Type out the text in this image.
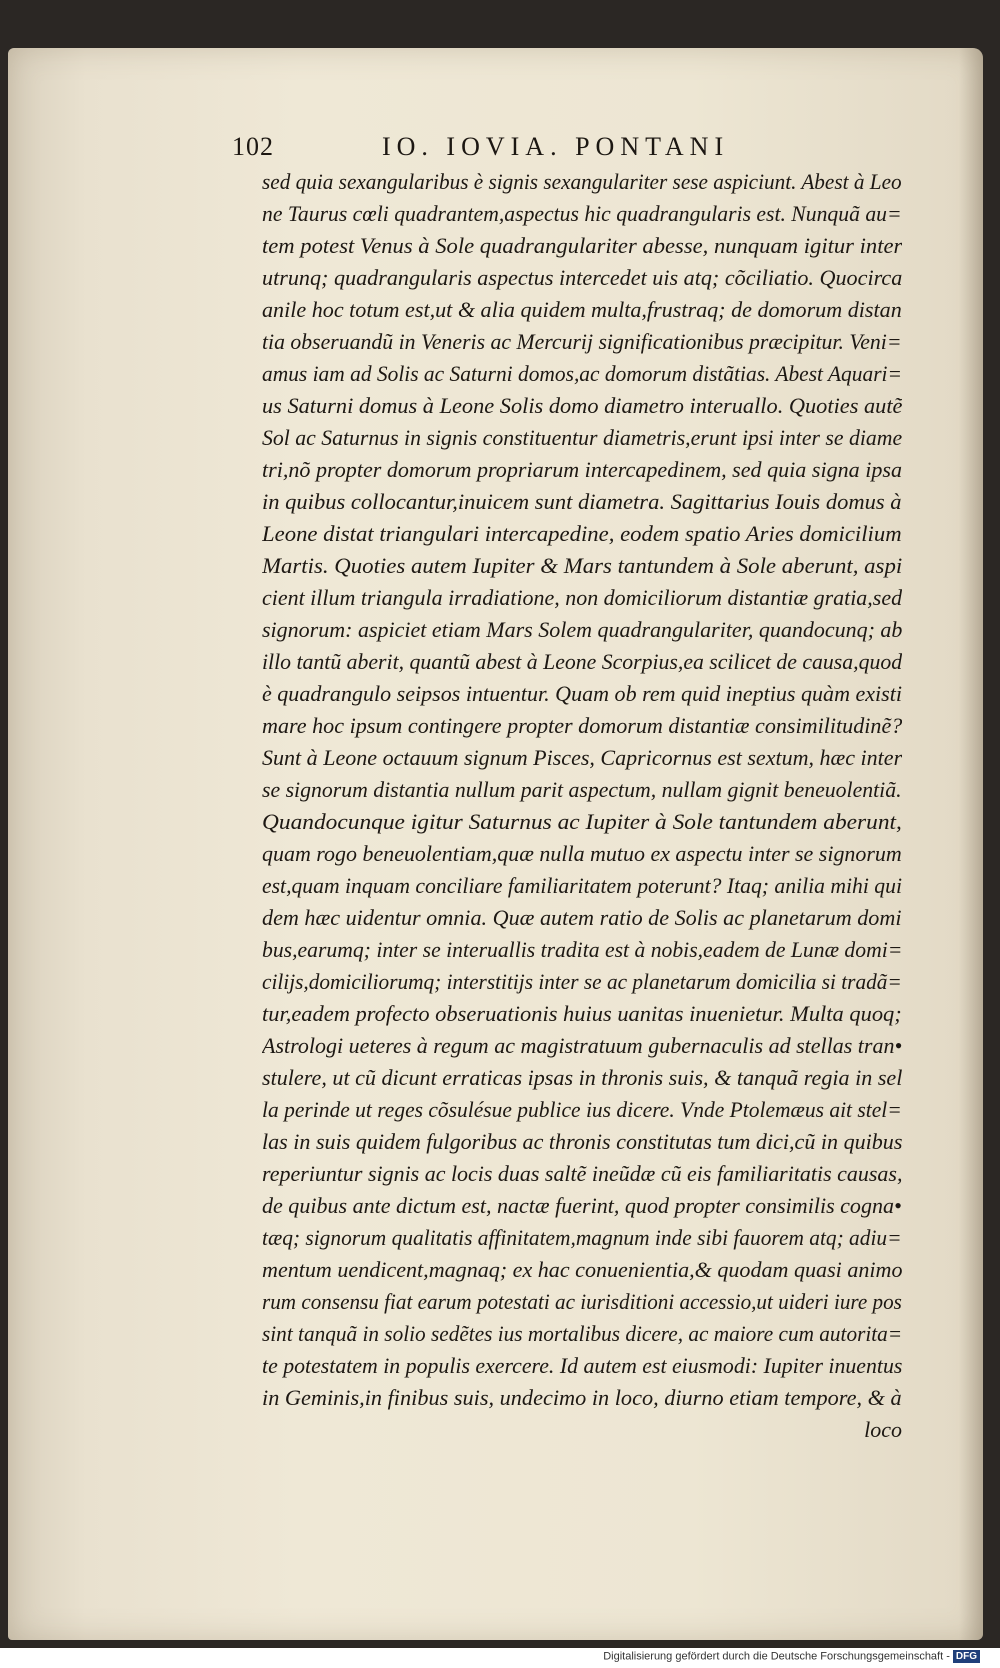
102	IO. IOVIA. PONTANI
sed quia sexangularibus è signis sexangulariter sese aspiciunt. Abest à Leo
ne Taurus cœli quadrantem,aspectus hic quadrangularis est. Nunquã au=
tem potest Venus à Sole quadrangulariter abesse, nunquam igitur inter
utrunq; quadrangularis aspectus intercedet uis atq; cõciliatio. Quocirca
anile hoc totum est,ut & alia quidem multa,frustraq; de domorum distan
tia obseruandũ in Veneris ac Mercurij significationibus præcipitur. Veni=
amus iam ad Solis ac Saturni domos,ac domorum distãtias. Abest Aquari=
us Saturni domus à Leone Solis domo diametro interuallo. Quoties autẽ
Sol ac Saturnus in signis constituentur diametris,erunt ipsi inter se diame
tri,nõ propter domorum propriarum intercapedinem, sed quia signa ipsa
in quibus collocantur,inuicem sunt diametra. Sagittarius Iouis domus à
Leone distat triangulari intercapedine, eodem spatio Aries domicilium
Martis. Quoties autem Iupiter & Mars tantundem à Sole aberunt, aspi
cient illum triangula irradiatione, non domiciliorum distantiæ gratia,sed
signorum: aspiciet etiam Mars Solem quadrangulariter, quandocunq; ab
illo tantũ aberit, quantũ abest à Leone Scorpius,ea scilicet de causa,quod
è quadrangulo seipsos intuentur. Quam ob rem quid ineptius quàm existi
mare hoc ipsum contingere propter domorum distantiæ consimilitudinẽ?
Sunt à Leone octauum signum Pisces, Capricornus est sextum, hæc inter
se signorum distantia nullum parit aspectum, nullam gignit beneuolentiã.
Quandocunque igitur Saturnus ac Iupiter à Sole tantundem aberunt,
quam rogo beneuolentiam,quæ nulla mutuo ex aspectu inter se signorum
est,quam inquam conciliare familiaritatem poterunt? Itaq; anilia mihi qui
dem hæc uidentur omnia. Quæ autem ratio de Solis ac planetarum domi
bus,earumq; inter se interuallis tradita est à nobis,eadem de Lunæ domi=
cilijs,domiciliorumq; interstitijs inter se ac planetarum domicilia si tradã=
tur,eadem profecto obseruationis huius uanitas inuenietur. Multa quoq;
Astrologi ueteres à regum ac magistratuum gubernaculis ad stellas tran•
stulere, ut cũ dicunt erraticas ipsas in thronis suis, & tanquã regia in sel
la perinde ut reges cõsulésue publice ius dicere. Vnde Ptolemæus ait stel=
las in suis quidem fulgoribus ac thronis constitutas tum dici,cũ in quibus
reperiuntur signis ac locis duas saltẽ ineũdæ cũ eis familiaritatis causas,
de quibus ante dictum est, nactæ fuerint, quod propter consimilis cogna•
tæq; signorum qualitatis affinitatem,magnum inde sibi fauorem atq; adiu=
mentum uendicent,magnaq; ex hac conuenientia,& quodam quasi animo
rum consensu fiat earum potestati ac iurisditioni accessio,ut uideri iure pos
sint tanquã in solio sedẽtes ius mortalibus dicere, ac maiore cum autorita=
te potestatem in populis exercere. Id autem est eiusmodi: Iupiter inuentus
in Geminis,in finibus suis, undecimo in loco, diurno etiam tempore, & à
loco
Digitalisierung gefördert durch die Deutsche Forschungsgemeinschaft - DFG
